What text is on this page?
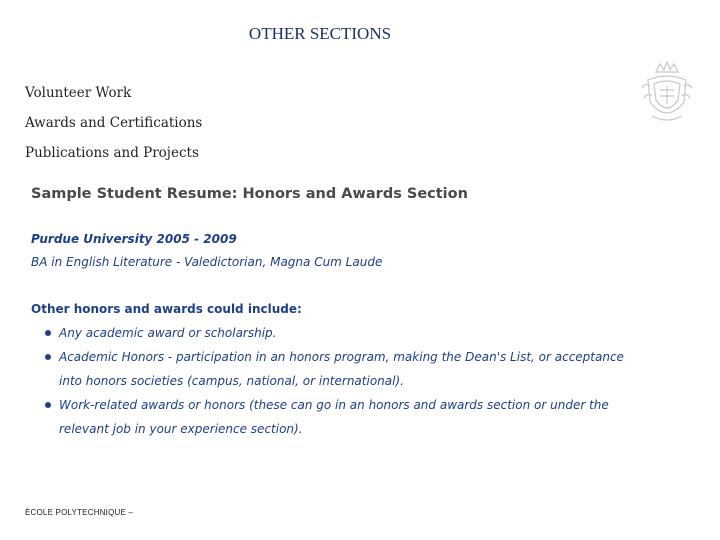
OTHER SECTIONS
Volunteer Work
Awards and Certifications
Publications and Projects
Sample Student Resume: Honors and Awards Section
Purdue University 2005 - 2009
BA in English Literature - Valedictorian, Magna Cum Laude
Other honors and awards could include:
Any academic award or scholarship.
Academic Honors - participation in an honors program, making the Dean's List, or acceptance into honors societies (campus, national, or international).
Work-related awards or honors (these can go in an honors and awards section or under the relevant job in your experience section).
ÉCOLE POLYTECHNIQUE –
